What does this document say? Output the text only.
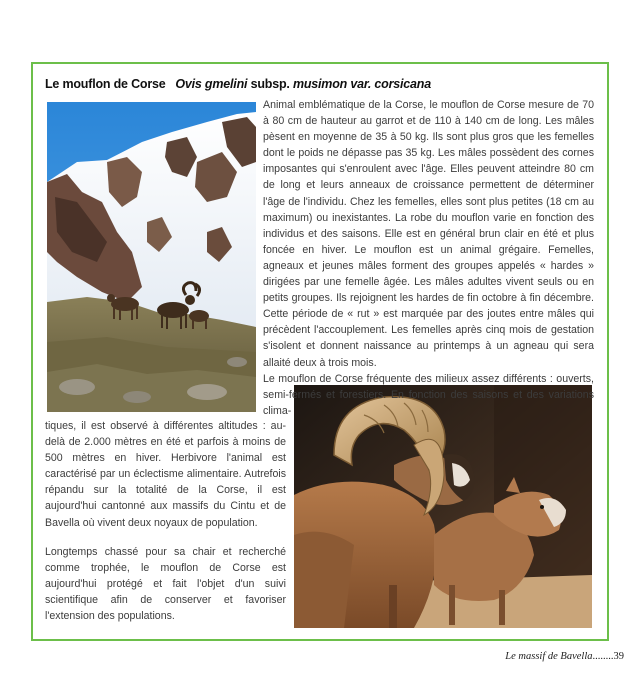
Le mouflon de Corse Ovis gmelini subsp. musimon var. corsicana

Animal emblématique de la Corse, le mouflon de Corse mesure de 70 à 80 cm de hauteur au garrot et de 110 à 140 cm de long. Les mâles pèsent en moyenne de 35 à 50 kg. Ils sont plus gros que les femelles dont le poids ne dépasse pas 35 kg. Les mâles possèdent des cornes imposantes qui s'enroulent avec l'âge. Elles peuvent atteindre 80 cm de long et leurs anneaux de croissance permettent de déterminer l'âge de l'individu. Chez les femelles, elles sont plus petites (18 cm au maximum) ou inexistantes. La robe du mouflon varie en fonction des individus et des saisons. Elle est en général brun clair en été et plus foncée en hiver. Le mouflon est un animal grégaire. Femelles, agneaux et jeunes mâles forment des groupes appelés « hardes » dirigées par une femelle âgée. Les mâles adultes vivent seuls ou en petits groupes. Ils rejoignent les hardes de fin octobre à fin décembre. Cette période de « rut » est marquée par des joutes entre mâles qui précèdent l'accouplement. Les femelles après cinq mois de gestation s'isolent et donnent naissance au printemps à un agneau qui sera allaité deux à trois mois.

Le mouflon de Corse fréquente des milieux assez différents : ouverts, semi-fermés et forestiers. En fonction des saisons et des variations clima-

tiques, il est observé à différentes altitudes : au-delà de 2.000 mètres en été et parfois à moins de 500 mètres en hiver. Herbivore l'animal est caractérisé par un éclectisme alimentaire. Autrefois répandu sur la totalité de la Corse, il est aujourd'hui cantonné aux massifs du Cintu et de Bavella où vivent deux noyaux de population.

Longtemps chassé pour sa chair et recherché comme trophée, le mouflon de Corse est aujourd'hui protégé et fait l'objet d'un suivi scientifique afin de conserver et favoriser l'extension des populations.

Le massif de Bavella........39
